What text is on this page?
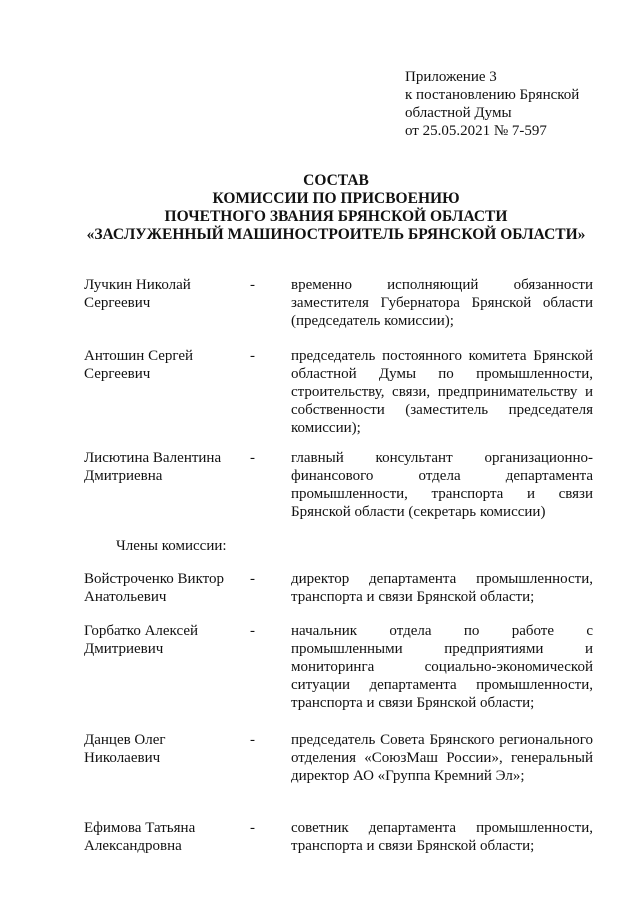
Приложение 3
к постановлению Брянской
областной Думы
от 25.05.2021 № 7-597
СОСТАВ
КОМИССИИ ПО ПРИСВОЕНИЮ
ПОЧЕТНОГО ЗВАНИЯ БРЯНСКОЙ ОБЛАСТИ
«ЗАСЛУЖЕННЫЙ МАШИНОСТРОИТЕЛЬ БРЯНСКОЙ ОБЛАСТИ»
Лучкин Николай
Сергеевич
- временно исполняющий обязанности заместителя Губернатора Брянской области (председатель комиссии);
Антошин Сергей
Сергеевич
- председатель постоянного комитета Брянской областной Думы по промышленности, строительству, связи, предпринимательству и собственности (заместитель председателя комиссии);
Лисютина Валентина
Дмитриевна
- главный консультант организационно-финансового отдела департамента промышленности, транспорта и связи Брянской области (секретарь комиссии)
Члены комиссии:
Войстроченко Виктор
Анатольевич
- директор департамента промышленности, транспорта и связи Брянской области;
Горбатко Алексей
Дмитриевич
- начальник отдела по работе с промышленными предприятиями и мониторинга социально-экономической ситуации департамента промышленности, транспорта и связи Брянской области;
Данцев Олег
Николаевич
- председатель Совета Брянского регионального отделения «СоюзМаш России», генеральный директор АО «Группа Кремний Эл»;
Ефимова Татьяна
Александровна
- советник департамента промышленности, транспорта и связи Брянской области;
